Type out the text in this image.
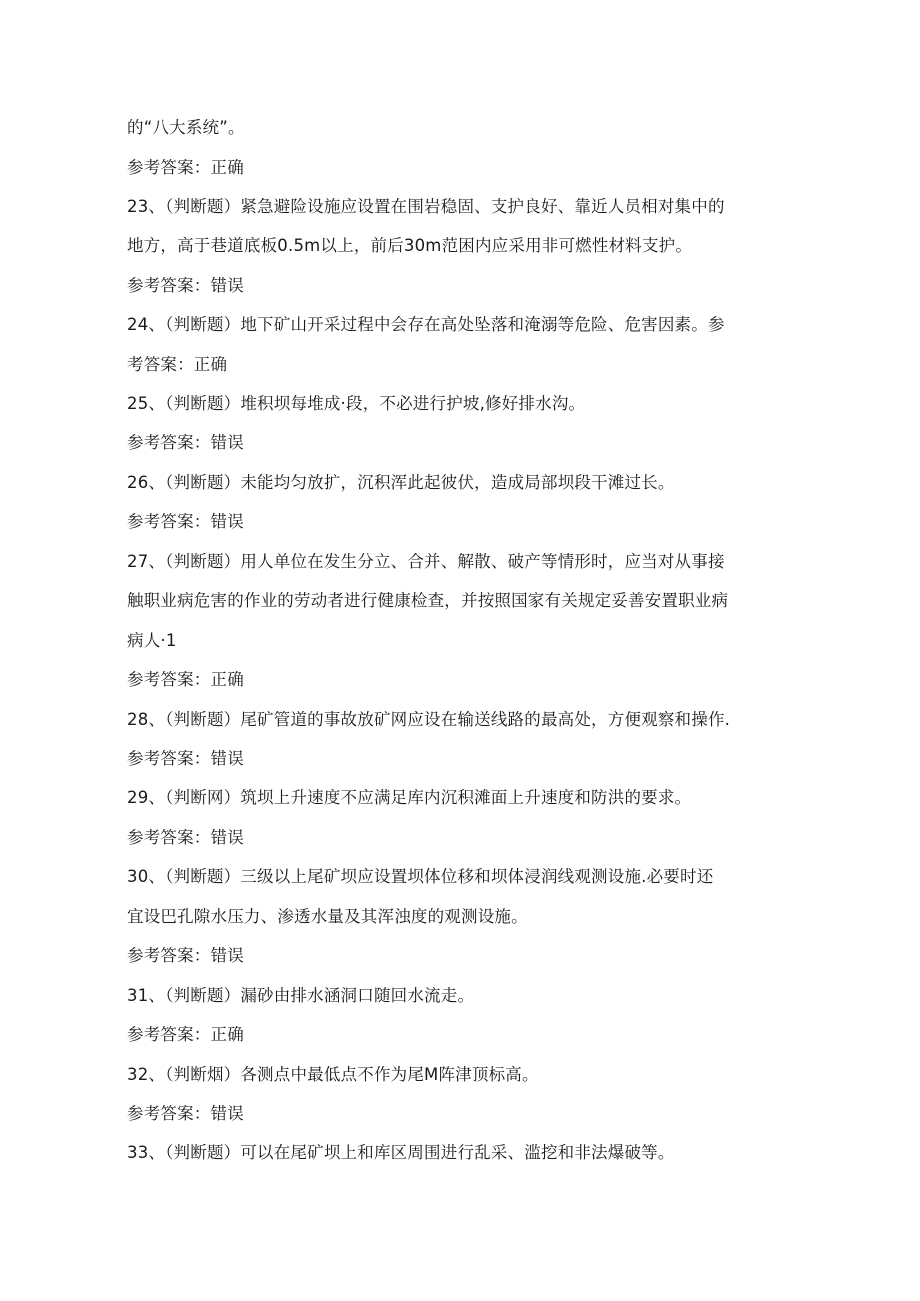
的“八大系统”。
参考答案：正确
23、（判断题）紧急避险设施应设置在围岩稳固、支护良好、靠近人员相对集中的
地方，高于巷道底板0.5m以上，前后30m范困内应采用非可燃性材料支护。
参考答案：错误
24、（判断题）地下矿山开采过程中会存在高处坠落和淹溺等危险、危害因素。参
考答案：正确
25、（判断题）堆积坝每堆成·段，不必进行护坡,修好排水沟。
参考答案：错误
26、（判断题）未能均匀放扩，沉积浑此起彼伏，造成局部坝段干滩过长。
参考答案：错误
27、（判断题）用人单位在发生分立、合并、解散、破产等情形时，应当对从事接
触职业病危害的作业的劳动者进行健康检查，并按照国家有关规定妥善安置职业病
病人·1
参考答案：正确
28、（判断题）尾矿管道的事故放矿网应设在输送线路的最高处，方便观察和操作.
参考答案：错误
29、（判断网）筑坝上升速度不应满足库内沉积滩面上升速度和防洪的要求。
参考答案：错误
30、（判断题）三级以上尾矿坝应设置坝体位移和坝体浸润线观测设施.必要时还
宜设巴孔隙水压力、渗透水量及其浑浊度的观测设施。
参考答案：错误
31、（判断题）漏砂由排水涵洞口随回水流走。
参考答案：正确
32、（判断烟）各测点中最低点不作为尾M阵津顶标高。
参考答案：错误
33、（判断题）可以在尾矿坝上和库区周围进行乱采、滥挖和非法爆破等。
